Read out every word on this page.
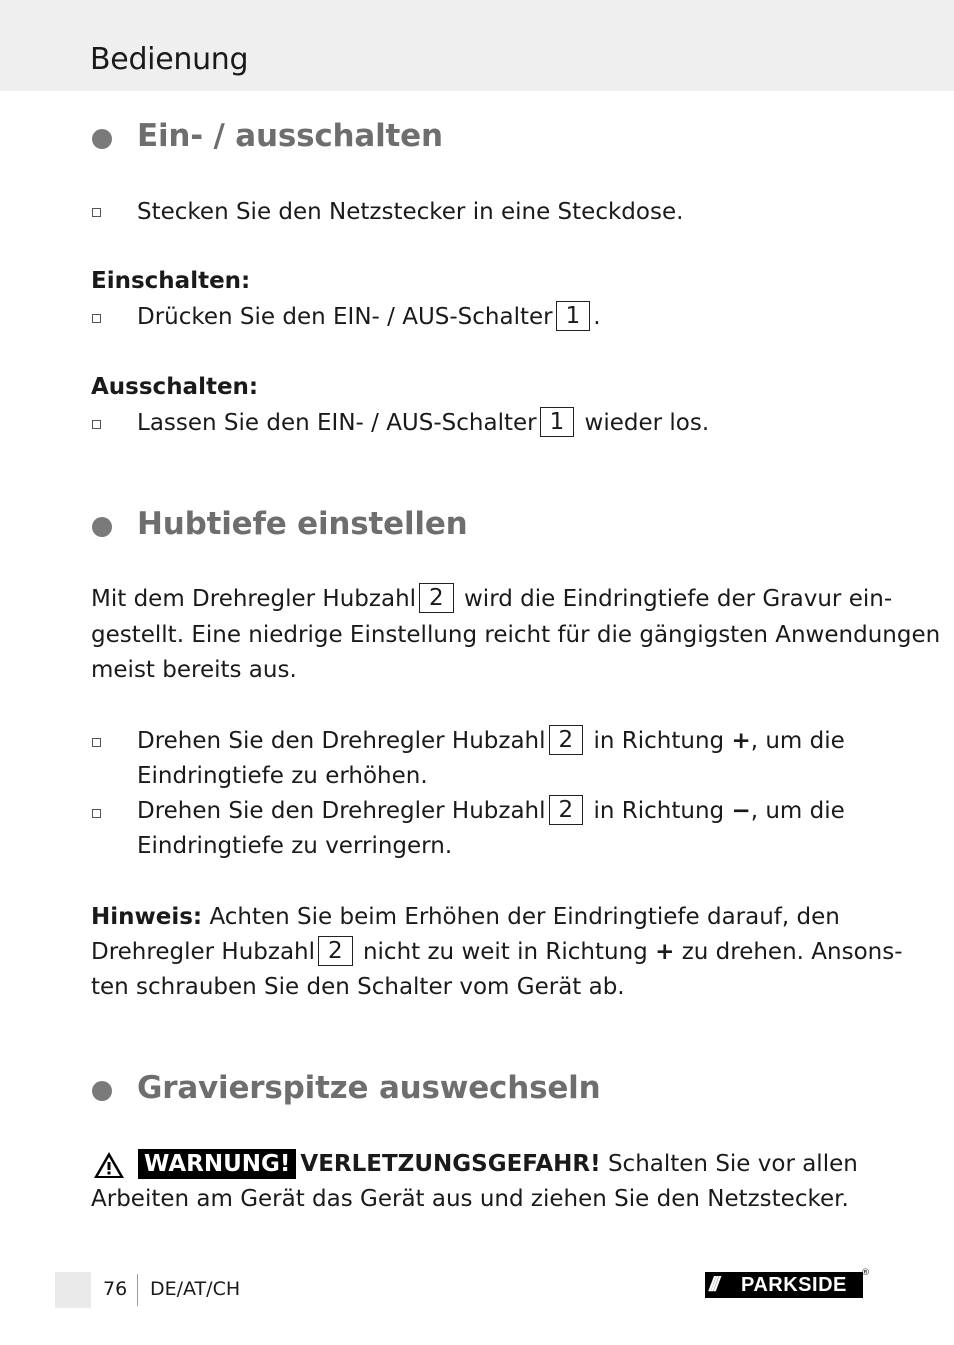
Bedienung
Ein- / ausschalten
Stecken Sie den Netzstecker in eine Steckdose.
Einschalten:
Drücken Sie den EIN- / AUS-Schalter 1 .
Ausschalten:
Lassen Sie den EIN- / AUS-Schalter 1 wieder los.
Hubtiefe einstellen
Mit dem Drehregler Hubzahl 2 wird die Eindringtiefe der Gravur ein-
gestellt. Eine niedrige Einstellung reicht für die gängigsten Anwendungen
meist bereits aus.
Drehen Sie den Drehregler Hubzahl 2 in Richtung +, um die
Eindringtiefe zu erhöhen.
Drehen Sie den Drehregler Hubzahl 2 in Richtung −, um die
Eindringtiefe zu verringern.
Hinweis: Achten Sie beim Erhöhen der Eindringtiefe darauf, den
Drehregler Hubzahl 2 nicht zu weit in Richtung + zu drehen. Ansons-
ten schrauben Sie den Schalter vom Gerät ab.
Gravierspitze auswechseln
WARNUNG! VERLETZUNGSGEFAHR! Schalten Sie vor allen
Arbeiten am Gerät das Gerät aus und ziehen Sie den Netzstecker.
76 DE/AT/CH	///	PARKSIDE
®
